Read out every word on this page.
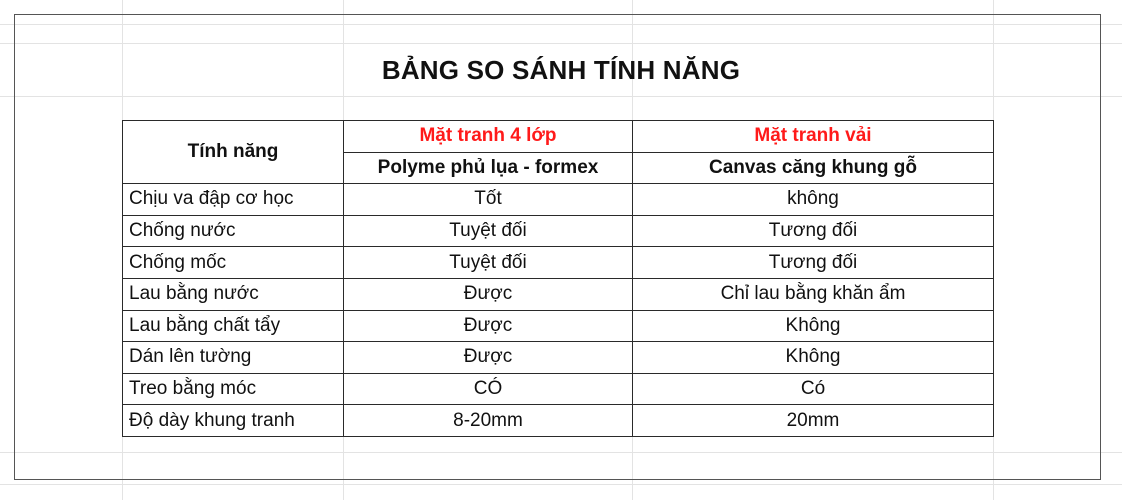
BẢNG SO SÁNH TÍNH NĂNG
Tính năng	Mặt tranh 4 lớp	Mặt tranh vải
	Polyme phủ lụa - formex	Canvas căng khung gỗ
Chịu va đập cơ học	Tốt	không
Chống nước	Tuyệt đối	Tương đối
Chống mốc	Tuyệt đối	Tương đối
Lau bằng nước	Được	Chỉ lau bằng khăn ẩm
Lau bằng chất tẩy	Được	Không
Dán lên tường	Được	Không
Treo bằng móc	CÓ	Có
Độ dày khung tranh	8-20mm	20mm
